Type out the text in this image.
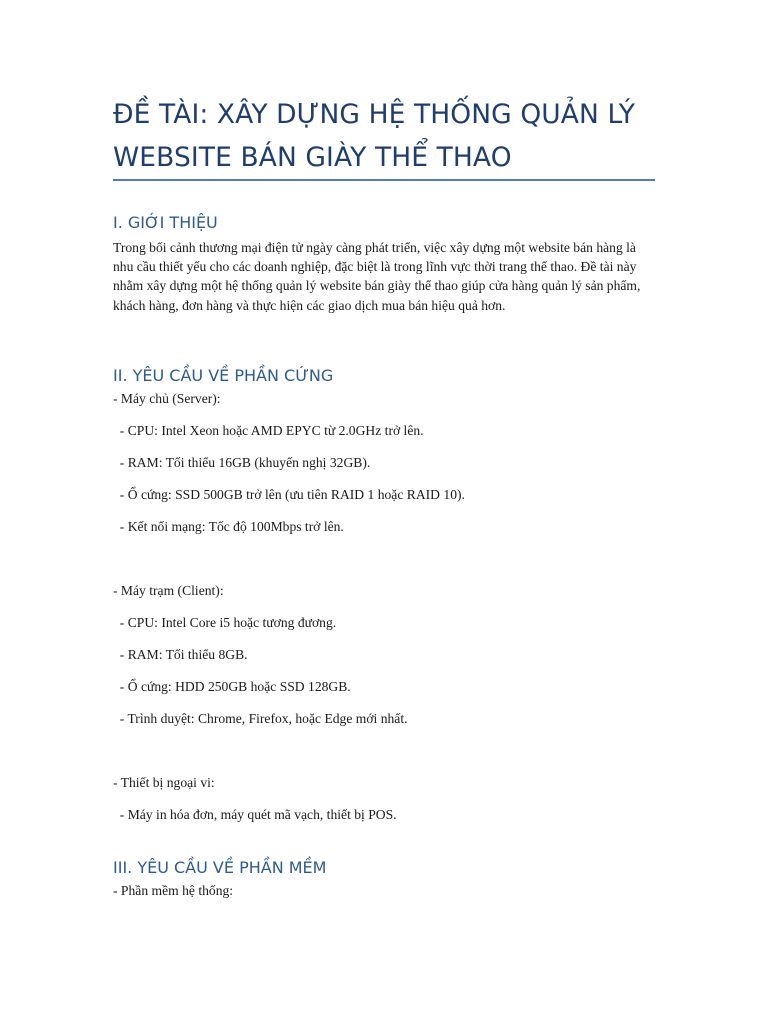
ĐỀ TÀI: XÂY DỰNG HỆ THỐNG QUẢN LÝ
WEBSITE BÁN GIÀY THỂ THAO
I. GIỚI THIỆU

Trong bối cảnh thương mại điện tử ngày càng phát triển, việc xây dựng một website bán hàng là nhu cầu thiết yếu cho các doanh nghiệp, đặc biệt là trong lĩnh vực thời trang thể thao. Đề tài này nhằm xây dựng một hệ thống quản lý website bán giày thể thao giúp cửa hàng quản lý sản phẩm, khách hàng, đơn hàng và thực hiện các giao dịch mua bán hiệu quả hơn.

II. YÊU CẦU VỀ PHẦN CỨNG

- Máy chủ (Server):

- CPU: Intel Xeon hoặc AMD EPYC từ 2.0GHz trở lên.

- RAM: Tối thiểu 16GB (khuyến nghị 32GB).

- Ổ cứng: SSD 500GB trở lên (ưu tiên RAID 1 hoặc RAID 10).

- Kết nối mạng: Tốc độ 100Mbps trở lên.

- Máy trạm (Client):

- CPU: Intel Core i5 hoặc tương đương.

- RAM: Tối thiểu 8GB.

- Ổ cứng: HDD 250GB hoặc SSD 128GB.

- Trình duyệt: Chrome, Firefox, hoặc Edge mới nhất.

- Thiết bị ngoại vi:

- Máy in hóa đơn, máy quét mã vạch, thiết bị POS.

III. YÊU CẦU VỀ PHẦN MỀM

- Phần mềm hệ thống:
